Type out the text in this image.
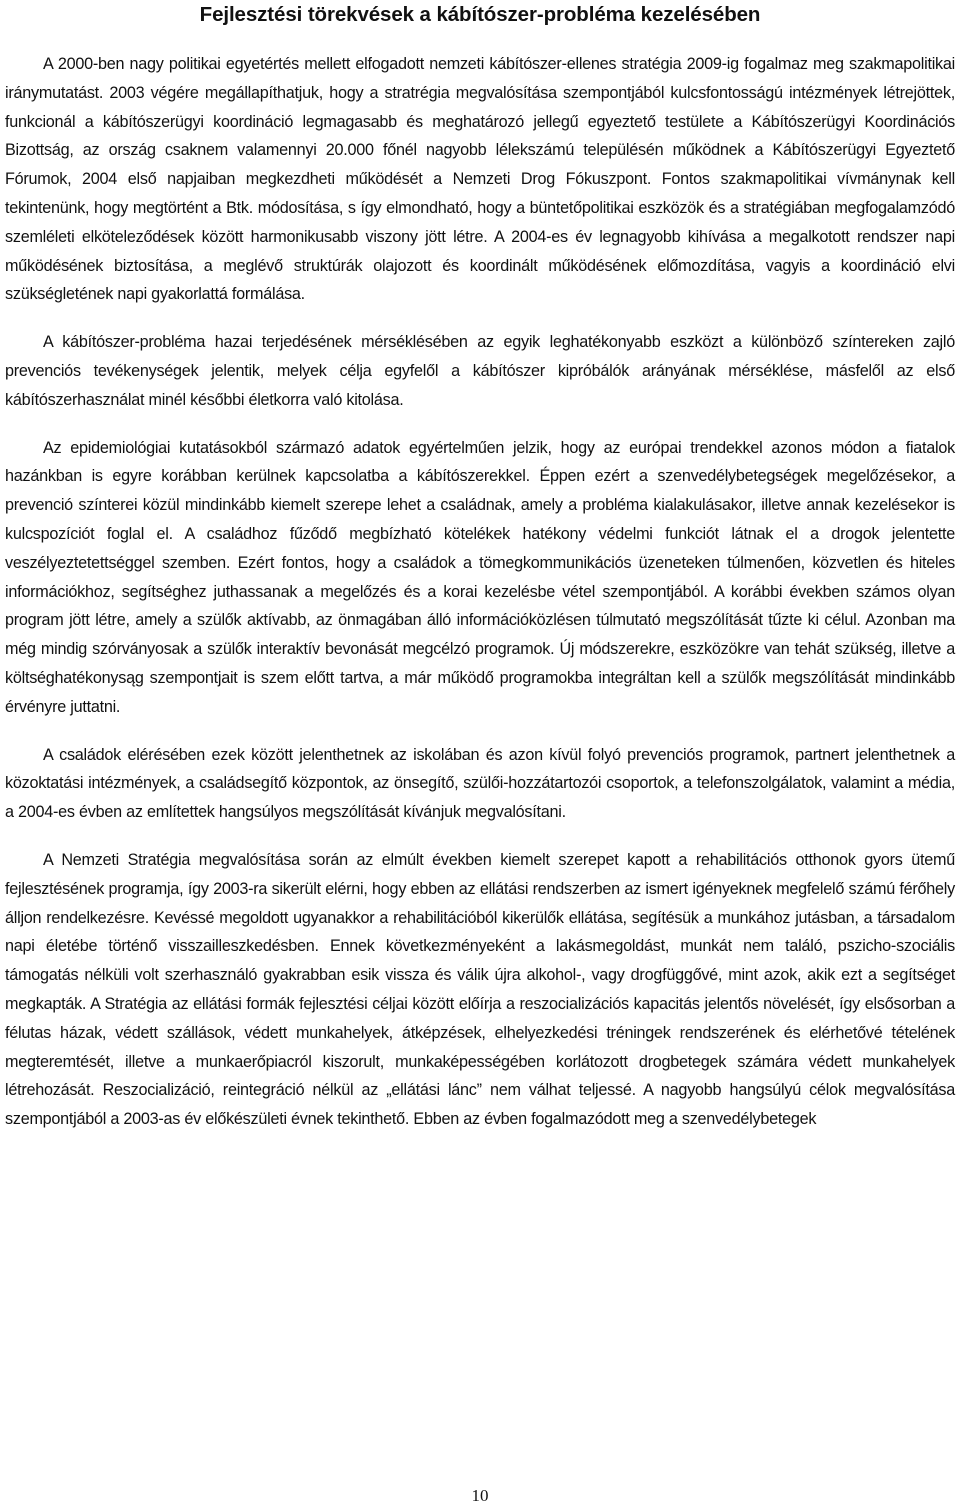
Fejlesztési törekvések a kábítószer-probléma kezelésében

A 2000-ben nagy politikai egyetértés mellett elfogadott nemzeti kábítószer-ellenes stratégia 2009-ig fogalmaz meg szakmapolitikai iránymutatást. 2003 végére megállapíthatjuk, hogy a stratrégia megvalósítása szempontjából kulcsfontosságú intézmények létrejöttek, funkcionál a kábítószerügyi koordináció legmagasabb és meghatározó jellegű egyeztető testülete a Kábítószerügyi Koordinációs Bizottság, az ország csaknem valamennyi 20.000 főnél nagyobb lélekszámú településén működnek a Kábítószerügyi Egyeztető Fórumok, 2004 első napjaiban megkezdheti működését a Nemzeti Drog Fókuszpont. Fontos szakmapolitikai vívmánynak kell tekintenünk, hogy megtörtént a Btk. módosítása, s így elmondható, hogy a büntetőpolitikai eszközök és a stratégiában megfogalamzódó szemléleti elköteleződések között harmonikusabb viszony jött létre. A 2004-es év legnagyobb kihívása a megalkotott rendszer napi működésének biztosítása, a meglévő struktúrák olajozott és koordinált működésének előmozdítása, vagyis a koordináció elvi szükségletének napi gyakorlattá formálása.

A kábítószer-probléma hazai terjedésének mérséklésében az egyik leghatékonyabb eszközt a különböző színtereken zajló prevenciós tevékenységek jelentik, melyek célja egyfelől a kábítószer kipróbálók arányának mérséklése, másfelől az első kábítószerhasználat minél későbbi életkorra való kitolása.

Az epidemiológiai kutatásokból származó adatok egyértelműen jelzik, hogy az európai trendekkel azonos módon a fiatalok hazánkban is egyre korábban kerülnek kapcsolatba a kábítószerekkel. Éppen ezért a szenvedélybetegségek megelőzésekor, a prevenció színterei közül mindinkább kiemelt szerepe lehet a családnak, amely a probléma kialakulásakor, illetve annak kezelésekor is kulcspozíciót foglal el. A családhoz fűződő megbízható kötelékek hatékony védelmi funkciót látnak el a drogok jelentette veszélyeztetettséggel szemben. Ezért fontos, hogy a családok a tömegkommunikációs üzeneteken túlmenően, közvetlen és hiteles információkhoz, segítséghez juthassanak a megelőzés és a korai kezelésbe vétel szempontjából. A korábbi években számos olyan program jött létre, amely a szülők aktívabb, az önmagában álló információközlésen túlmutató megszólítását tűzte ki célul. Azonban ma még mindig szórványosak a szülők interaktív bevonását megcélzó programok. Új módszerekre, eszközökre van tehát szükség, illetve a költséghatékonysąg szempontjait is szem előtt tartva, a már működő programokba integráltan kell a szülők megszólítását mindinkább érvényre juttatni.

A családok elérésében ezek között jelenthetnek az iskolában és azon kívül folyó prevenciós programok, partnert jelenthetnek a közoktatási intézmények, a családsegítő központok, az önsegítő, szülői-hozzátartozói csoportok, a telefonszolgálatok, valamint a média, a 2004-es évben az említettek hangsúlyos megszólítását kívánjuk megvalósítani.

A Nemzeti Stratégia megvalósítása során az elmúlt években kiemelt szerepet kapott a rehabilitációs otthonok gyors ütemű fejlesztésének programja, így 2003-ra sikerült elérni, hogy ebben az ellátási rendszerben az ismert igényeknek megfelelő számú férőhely álljon rendelkezésre. Kevéssé megoldott ugyanakkor a rehabilitációból kikerülők ellátása, segítésük a munkához jutásban, a társadalom napi életébe történő visszailleszkedésben. Ennek következményeként a lakásmegoldást, munkát nem találó, pszicho-szociális támogatás nélküli volt szerhasználó gyakrabban esik vissza és válik újra alkohol-, vagy drogfüggővé, mint azok, akik ezt a segítséget megkapták. A Stratégia az ellátási formák fejlesztési céljai között előírja a reszocializációs kapacitás jelentős növelését, így elsősorban a félutas házak, védett szállások, védett munkahelyek, átképzések, elhelyezkedési tréningek rendszerének és elérhetővé tételének megteremtését, illetve a munkaerőpiacról kiszorult, munkaképességében korlátozott drogbetegek számára védett munkahelyek létrehozását. Reszocializáció, reintegráció nélkül az „ellátási lánc” nem válhat teljessé. A nagyobb hangsúlyú célok megvalósítása szempontjából a 2003-as év előkészületi évnek tekinthető. Ebben az évben fogalmazódott meg a szenvedélybetegek

10
